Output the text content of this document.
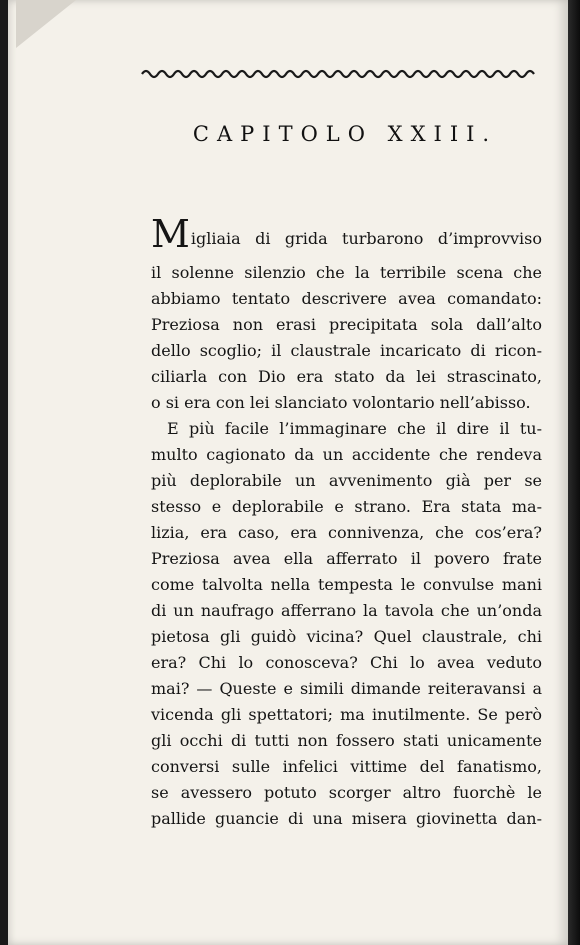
CAPITOLO XXIII.
M igliaia di grida turbarono d’improvviso
il solenne silenzio che la terribile scena che
abbiamo tentato descrivere avea comandato:
Preziosa non erasi precipitata sola dall’alto
dello scoglio; il claustrale incaricato di ricon-
ciliarla con Dio era stato da lei strascinato,
o si era con lei slanciato volontario nell’abisso.
E più facile l’immaginare che il dire il tu-
multo cagionato da un accidente che rendeva
più deplorabile un avvenimento già per se
stesso e deplorabile e strano. Era stata ma-
lizia, era caso, era connivenza, che cos’era?
Preziosa avea ella afferrato il povero frate
come talvolta nella tempesta le convulse mani
di un naufrago afferrano la tavola che un’onda
pietosa gli guidò vicina? Quel claustrale, chi
era? Chi lo conosceva? Chi lo avea veduto
mai? — Queste e simili dimande reiteravansi a
vicenda gli spettatori; ma inutilmente. Se però
gli occhi di tutti non fossero stati unicamente
conversi sulle infelici vittime del fanatismo,
se avessero potuto scorger altro fuorchè le
pallide guancie di una misera giovinetta dan-
